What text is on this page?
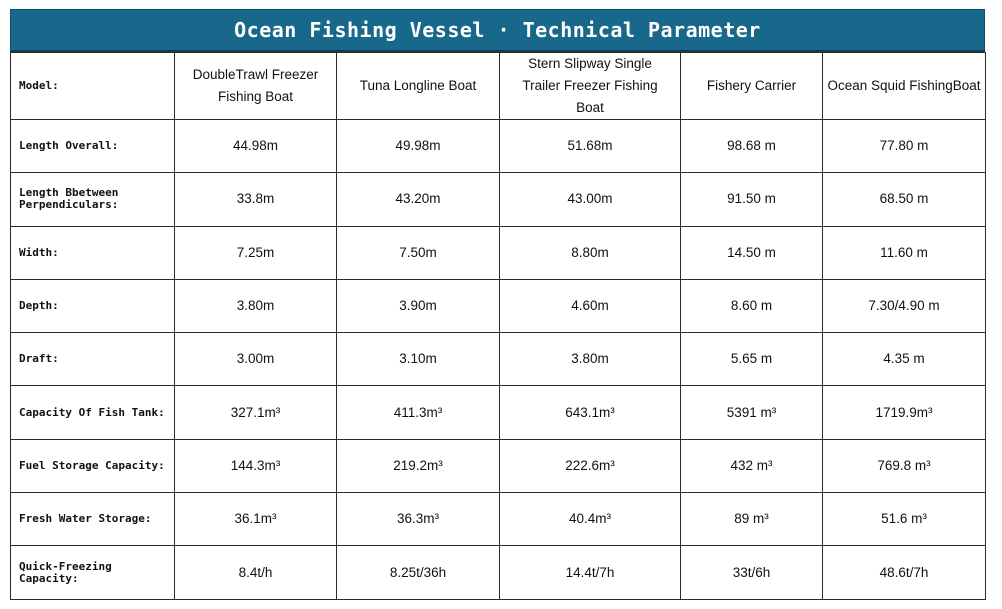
Ocean Fishing Vessel · Technical Parameter
Model:	DoubleTrawl Freezer Fishing Boat	Tuna Longline Boat	Stern Slipway Single Trailer Freezer Fishing Boat	Fishery Carrier	Ocean Squid FishingBoat
Length Overall:	44.98m	49.98m	51.68m	98.68 m	77.80 m
Length Bbetween Perpendiculars:	33.8m	43.20m	43.00m	91.50 m	68.50 m
Width:	7.25m	7.50m	8.80m	14.50 m	11.60 m
Depth:	3.80m	3.90m	4.60m	8.60 m	7.30/4.90 m
Draft:	3.00m	3.10m	3.80m	5.65 m	4.35 m
Capacity Of Fish Tank:	327.1m³	411.3m³	643.1m³	5391 m³	1719.9m³
Fuel Storage Capacity:	144.3m³	219.2m³	222.6m³	432 m³	769.8 m³
Fresh Water Storage:	36.1m³	36.3m³	40.4m³	89 m³	51.6 m³
Quick-Freezing Capacity:	8.4t/h	8.25t/36h	14.4t/7h	33t/6h	48.6t/7h
